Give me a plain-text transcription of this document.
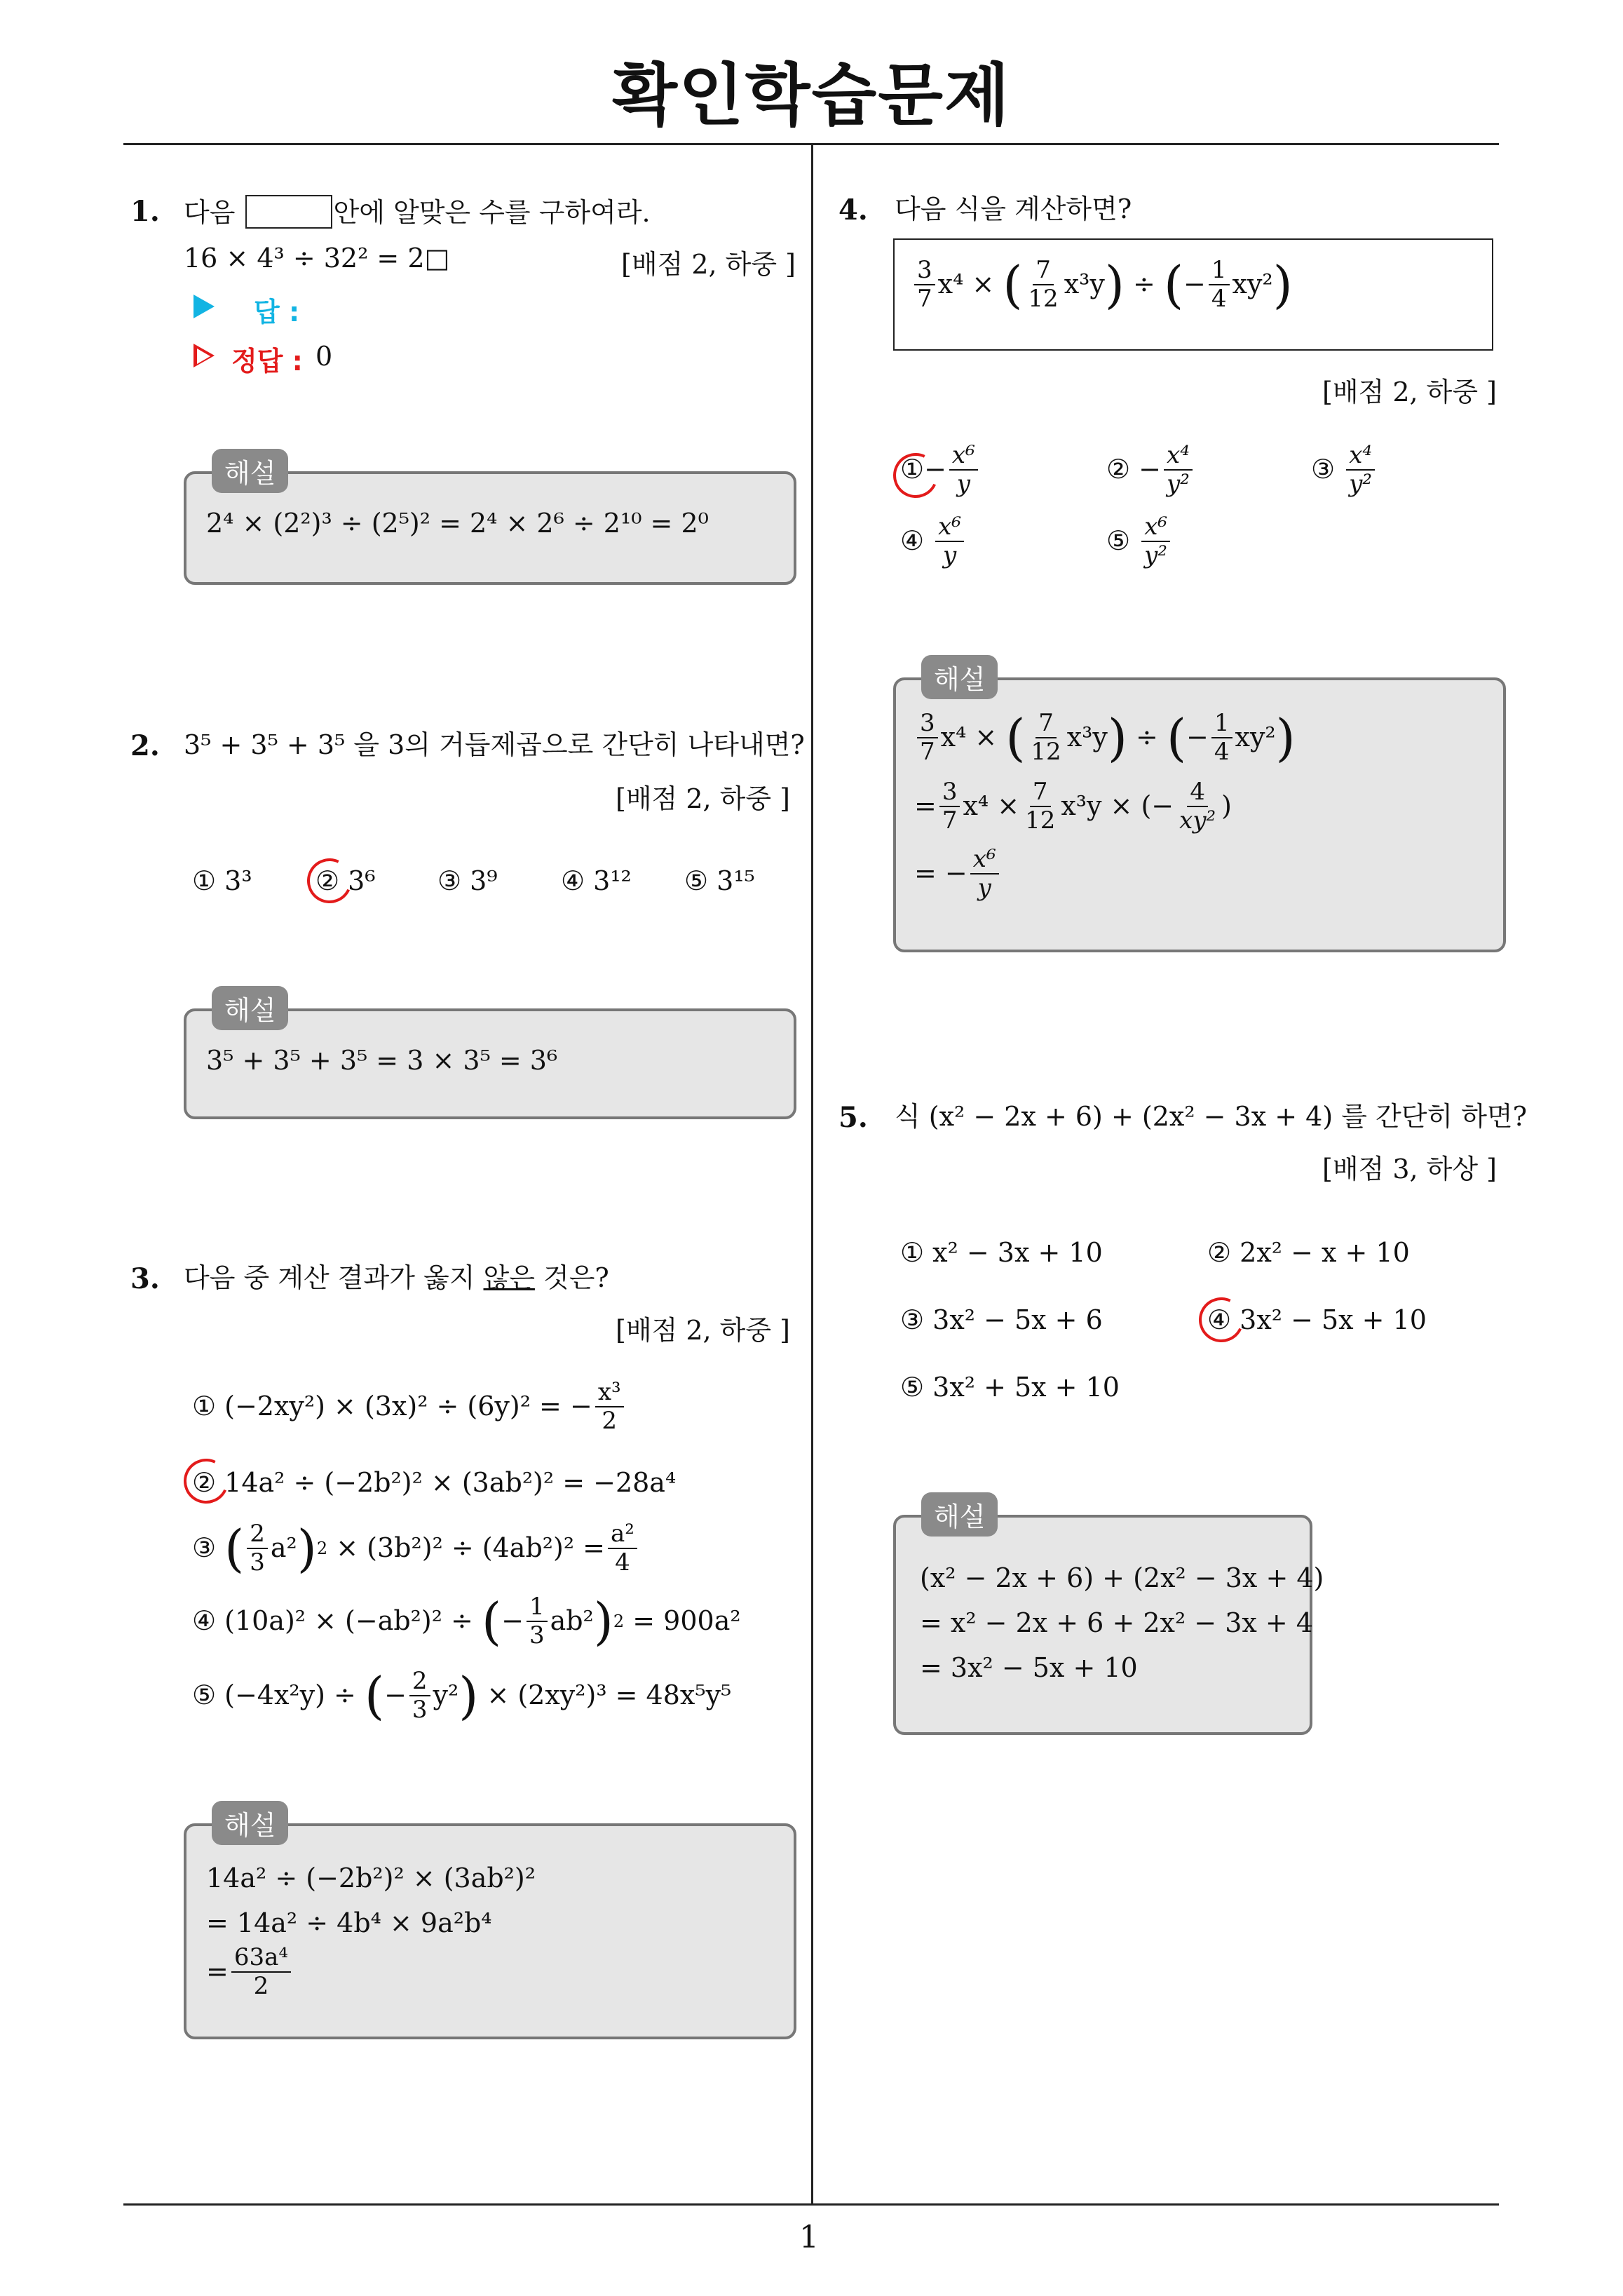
확인학습문제
1
1. 다음	안에 알맞은 수를 구하여라.
16 × 4³ ÷ 32² = 2□	[배점 2, 하중 ]
답 :
정답 : 0
해설
2⁴ × (2²)³ ÷ (2⁵)² = 2⁴ × 2⁶ ÷ 2¹⁰ = 2⁰
2. 3⁵ + 3⁵ + 3⁵ 을 3의 거듭제곱으로 간단히 나타내면?
[배점 2, 하중 ]
① 3³ ② 3⁶ ③ 3⁹ ④ 3¹² ⑤ 3¹⁵
해설
3⁵ + 3⁵ + 3⁵ = 3 × 3⁵ = 3⁶
3. 다음 중 계산 결과가 옳지 않은 것은?
[배점 2, 하중 ]
① (−2xy²) × (3x)² ÷ (6y)² = − $\frac{\text{x³}}{2}$
② 14a² ÷ (−2b²)² × (3ab²)² = −28a⁴
③
( $\frac{2}{3} a^2$ ) 2
× $(3b^2)^2 \div (4ab^2)^2 = \frac{\text{a²}}{4}$
④ (10a)² × (−ab²)² ÷
( − $\frac{1}{3} ab^2$ ) 2
= 900a²
⑤ (−4x²y) ÷
( − $\frac{2}{3} y^2$ )
× (2xy²)³ = 48x⁵y⁵
해설
14a² ÷ (−2b²)² × (3ab²)²
= 14a² ÷ 4b⁴ × 9a²b⁴
= $\frac{\text{63a⁴}}{2}$
4. 다음 식을 계산하면?
$\frac{3}{7} x^4$ ×
( $\frac{7}{12} x^3y$ )
÷
( − $\frac{1}{4} xy^2$ )
[배점 2, 하중 ]
① − $\frac{\text{x⁶}}{y}$	②
− $\frac{\text{x⁴}}{\text{y²}}$	③
$\frac{\text{x⁴}}{\text{y²}}$
④
$\frac{\text{x⁶}}{y}$	⑤
$\frac{\text{x⁶}}{\text{y²}}$
해설
$\frac{3}{7} x^4$ ×
( $\frac{7}{12} x^3y$ )
÷
( − $\frac{1}{4} xy^2$ )
= $\frac{3}{7} x^4 \times \frac{7}{12} x^3y$ × (− $\frac{4}{\text{xy²}}$ )
= − $\frac{\text{x⁶}}{y}$
5. 식 (x² − 2x + 6) + (2x² − 3x + 4) 를 간단히 하면?
[배점 3, 하상 ]
① x² − 3x + 10	② 2x² − x + 10
③ 3x² − 5x + 6	④ 3x² − 5x + 10
⑤ 3x² + 5x + 10
해설
(x² − 2x + 6) + (2x² − 3x + 4)
= x² − 2x + 6 + 2x² − 3x + 4
= 3x² − 5x + 10
